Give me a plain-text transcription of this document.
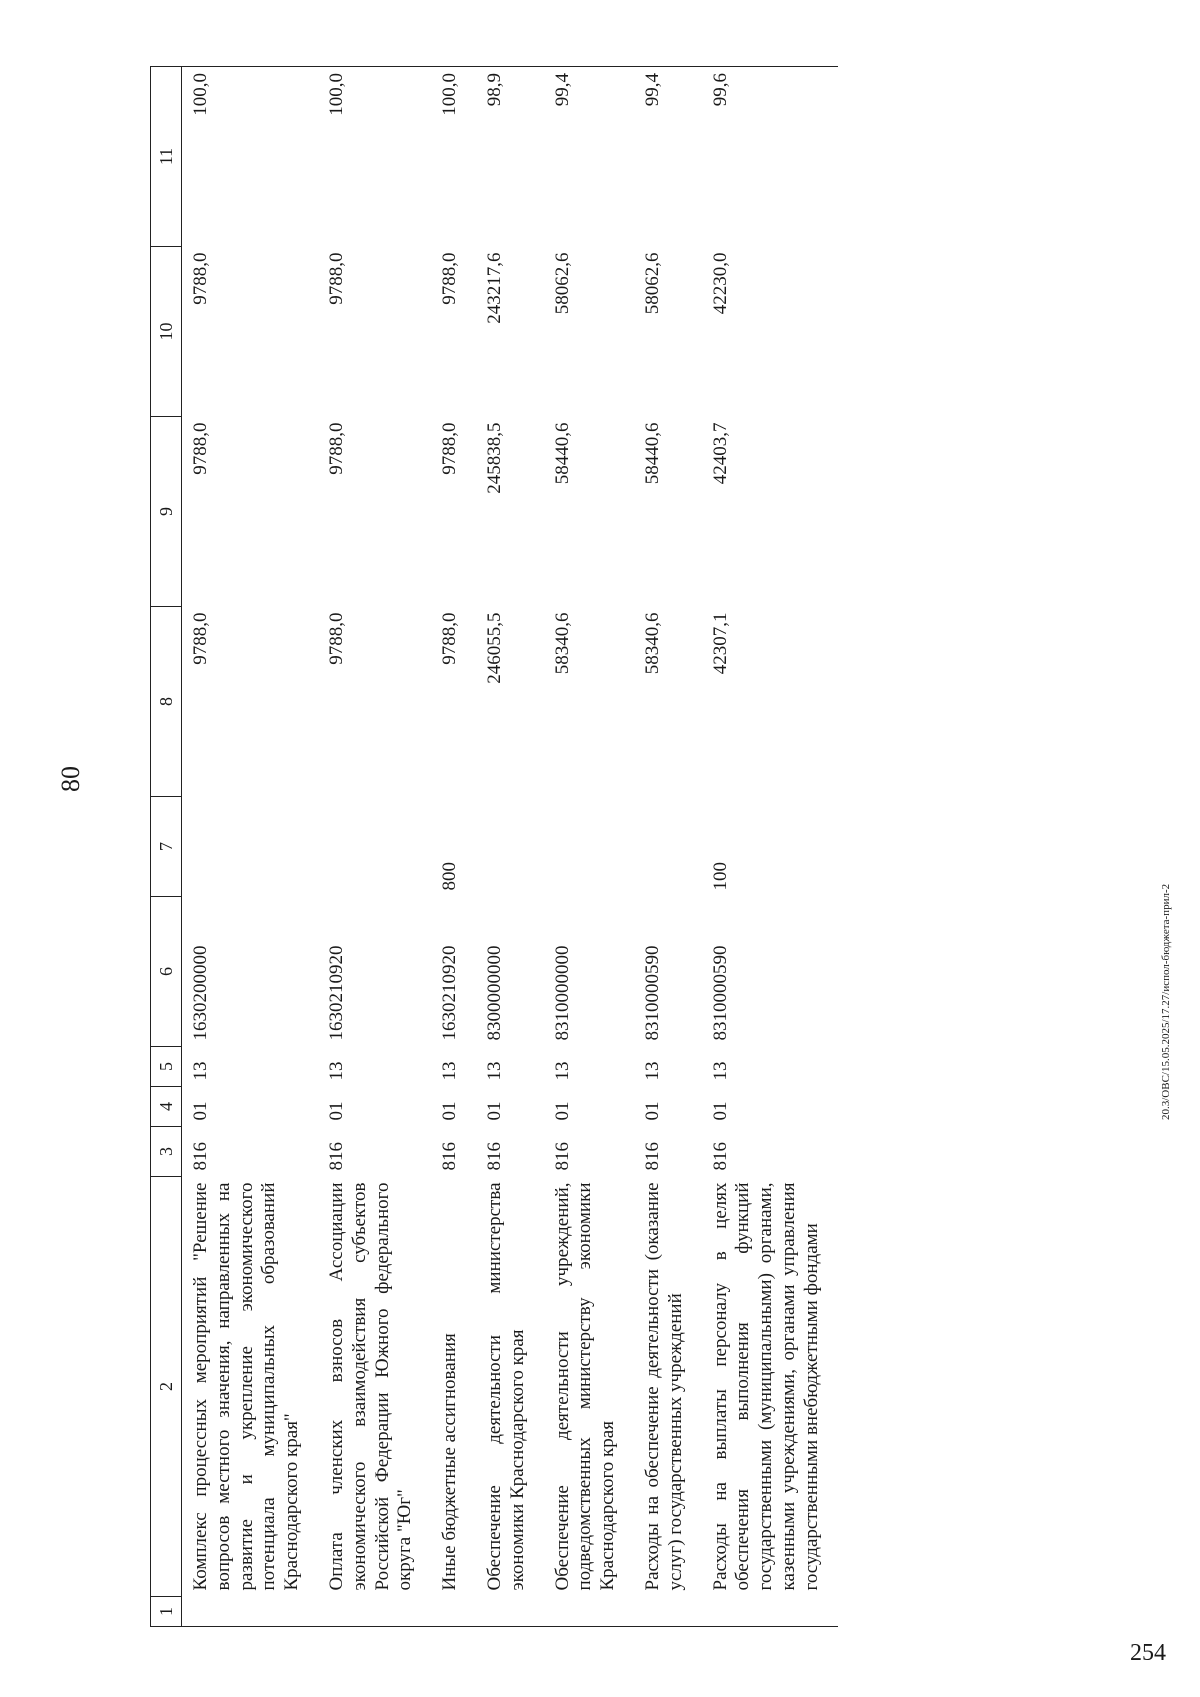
80
1	2	3	4	5	6	7	8	9	10	11
	Комплекс процессных мероприятий "Решение вопросов местного значения, направленных на развитие и укрепление экономического потенциала муниципальных образований Краснодарского края"	816	01	13	1630200000		9788,0	9788,0	9788,0	100,0
	Оплата членских взносов Ассоциации экономического взаимодействия субъектов Российской Федерации Южного федерального округа "Юг"	816	01	13	1630210920		9788,0	9788,0	9788,0	100,0
	Иные бюджетные ассигнования	816	01	13	1630210920	800	9788,0	9788,0	9788,0	100,0
	Обеспечение деятельности министерства экономики Краснодарского края	816	01	13	8300000000		246055,5	245838,5	243217,6	98,9
	Обеспечение деятельности учреждений, подведомственных министерству экономики Краснодарского края	816	01	13	8310000000		58340,6	58440,6	58062,6	99,4
	Расходы на обеспечение деятельности (оказание услуг) государственных учреждений	816	01	13	8310000590		58340,6	58440,6	58062,6	99,4
	Расходы на выплаты персоналу в целях обеспечения выполнения функций государственными (муниципальными) органами, казенными учреждениями, органами управления государственными внебюджетными фондами	816	01	13	8310000590	100	42307,1	42403,7	42230,0	99,6
254
20.3/ОВС/15.05.2025/17.27/испол-бюджета-прил-2
